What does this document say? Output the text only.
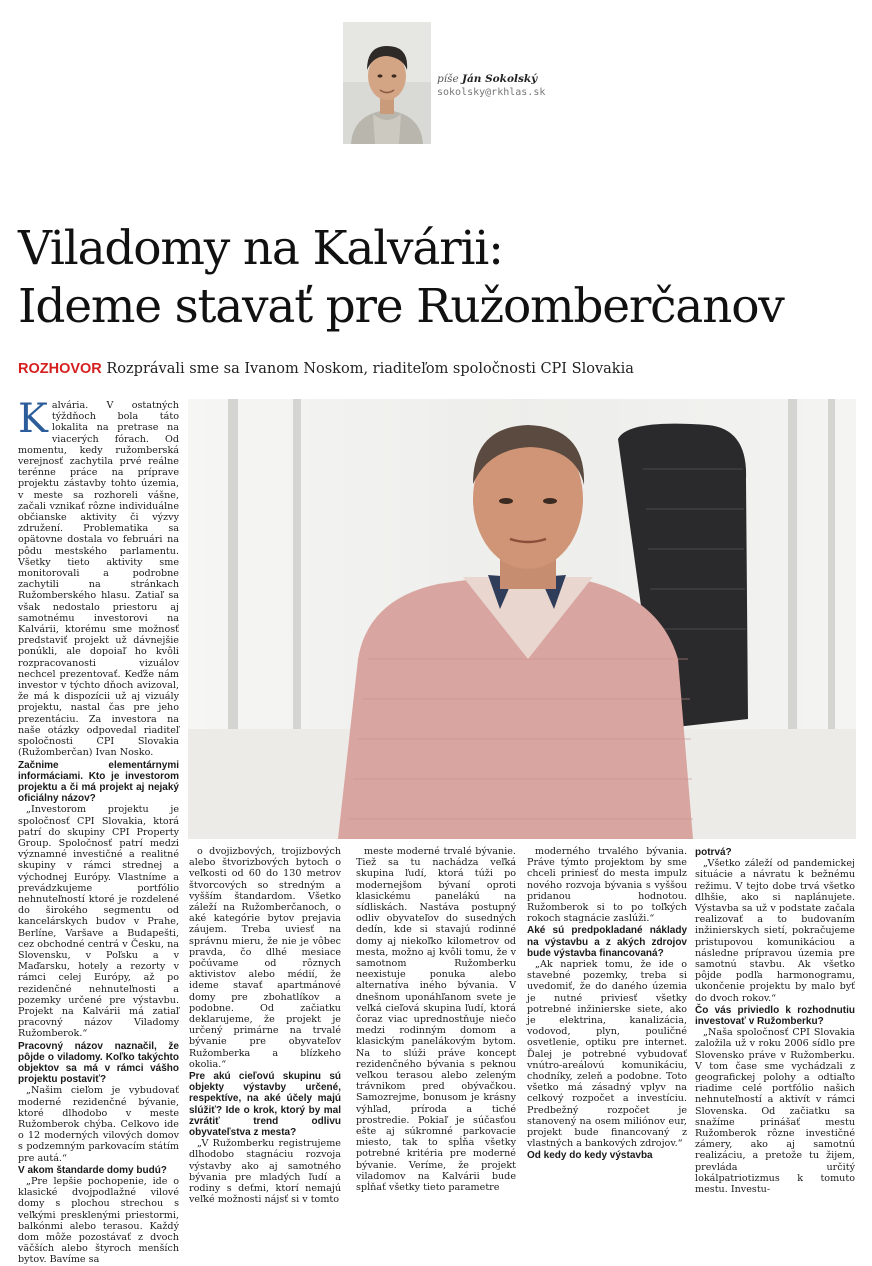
píše Ján Sokolský
sokolsky@rkhlas.sk
Viladomy na Kalvárii:
Ideme stavať pre Ružomberčanov
ROZHOVOR Rozprávali sme sa Ivanom Noskom, riaditeľom spoločnosti CPI Slovakia

Kalvária. V ostatných týždňoch bola táto lokalita na pretrase na viacerých fórach. Od momentu, kedy ružomberská verejnosť zachytila prvé reálne terénne práce na príprave projektu zástavby tohto územia, v meste sa rozhoreli vášne, začali vznikať rôzne individuálne občianske aktivity či výzvy združení. Problematika sa opätovne dostala vo februári na pôdu mestského parlamentu. Všetky tieto aktivity sme monitorovali a podrobne zachytili na stránkach Ružomberského hlasu. Zatiaľ sa však nedostalo priestoru aj samotnému investorovi na Kalvárii, ktorému sme možnosť predstaviť projekt už dávnejšie ponúkli, ale dopoiaľ ho kvôli rozpracovanosti vizuálov nechcel prezentovať. Keďže nám investor v týchto dňoch avizoval, že má k dispozícii už aj vizuály projektu, nastal čas pre jeho prezentáciu. Za investora na naše otázky odpovedal riaditeľ spoločnosti CPI Slovakia (Ružomberčan) Ivan Nosko.

Začnime elementárnymi informáciami. Kto je investorom projektu a či má projekt aj nejaký oficiálny názov?

„Investorom projektu je spoločnosť CPI Slovakia, ktorá patrí do skupiny CPI Property Group. Spoločnosť patrí medzi významné investičné a realitné skupiny v rámci strednej a východnej Európy. Vlastníme a prevádzkujeme portfólio nehnuteľností ktoré je rozdelené do širokého segmentu od kancelárskych budov v Prahe, Berlíne, Varšave a Budapešti, cez obchodné centrá v Česku, na Slovensku, v Poľsku a v Maďarsku, hotely a rezorty v rámci celej Európy, až po rezidenčné nehnuteľnosti a pozemky určené pre výstavbu. Projekt na Kalvárii má zatiaľ pracovný názov Viladomy Ružomberok.“

Pracovný názov naznačil, že pôjde o viladomy. Koľko takýchto objektov sa má v rámci vášho projektu postaviť?

„Našim cieľom je vybudovať moderné rezidenčné bývanie, ktoré dlhodobo v meste Ružomberok chýba. Celkovo ide o 12 moderných vilových domov s podzemným parkovacím státím pre autá.“

V akom štandarde domy budú?

„Pre lepšie pochopenie, ide o klasické dvojpodlažné vilové domy s plochou strechou s veľkými presklenými priestormi, balkónmi alebo terasou. Každý dom môže pozostávať z dvoch väčších alebo štyroch menších bytov. Bavíme sa

o dvojizbových, trojizbových alebo štvorizbových bytoch o veľkosti od 60 do 130 metrov štvorcových so stredným a vyšším štandardom. Všetko záleží na Ružomberčanoch, o aké kategórie bytov prejavia záujem. Treba uviesť na správnu mieru, že nie je vôbec pravda, čo dlhé mesiace počúvame od rôznych aktivistov alebo médií, že ideme stavať apartmánové domy pre zbohatlíkov a podobne. Od začiatku deklarujeme, že projekt je určený primárne na trvalé bývanie pre obyvateľov Ružomberka a blízkeho okolia.“

Pre akú cieľovú skupinu sú objekty výstavby určené, respektíve, na aké účely majú slúžiť? Ide o krok, ktorý by mal zvrátiť trend odlivu obyvateľstva z mesta?

„V Ružomberku registrujeme dlhodobo stagnáciu rozvoja výstavby ako aj samotného bývania pre mladých ľudí a rodiny s deťmi, ktorí nemajú veľké možnosti nájsť si v tomto

meste moderné trvalé bývanie. Tiež sa tu nachádza veľká skupina ľudí, ktorá túži po modernejšom bývaní oproti klasickému panelákú na sídliskách. Nastáva postupný odliv obyvateľov do susedných dedín, kde si stavajú rodinné domy aj niekoľko kilometrov od mesta, možno aj kvôli tomu, že v samotnom Ružomberku neexistuje ponuka alebo alternatíva iného bývania. V dnešnom uponáhľanom svete je veľká cieľová skupina ľudí, ktorá čoraz viac uprednostňuje niečo medzi rodinným domom a klasickým panelákovým bytom. Na to slúži práve koncept rezidenčného bývania s peknou veľkou terasou alebo zeleným trávnikom pred obývačkou. Samozrejme, bonusom je krásny výhľad, príroda a tiché prostredie. Pokiaľ je súčasťou ešte aj súkromné parkovacie miesto, tak to spĺňa všetky potrebné kritéria pre moderné bývanie. Veríme, že projekt viladomov na Kalvárii bude spĺňať všetky tieto parametre

moderného trvalého bývania. Práve týmto projektom by sme chceli priniesť do mesta impulz nového rozvoja bývania s vyššou pridanou hodnotou. Ružomberok si to po toľkých rokoch stagnácie zaslúži.“

Aké sú predpokladané náklady na výstavbu a z akých zdrojov bude výstavba financovaná?

„Ak napriek tomu, že ide o stavebné pozemky, treba si uvedomiť, že do daného územia je nutné priviesť všetky potrebné inžinierske siete, ako je elektrina, kanalizácia, vodovod, plyn, pouličné osvetlenie, optiku pre internet. Ďalej je potrebné vybudovať vnútro-areálovú komunikáciu, chodníky, zeleň a podobne. Toto všetko má zásadný vplyv na celkový rozpočet a investíciu. Predbežný rozpočet je stanovený na osem miliónov eur, projekt bude financovaný z vlastných a bankových zdrojov.“

Od kedy do kedy výstavba

potrvá?

„Všetko záleží od pandemickej situácie a návratu k bežnému režimu. V tejto dobe trvá všetko dlhšie, ako si naplánujete. Výstavba sa už v podstate začala realizovať a to budovaním inžinierskych sietí, pokračujeme pristupovou komunikáciou a následne prípravou územia pre samotnú stavbu. Ak všetko pôjde podľa harmonogramu, ukončenie projektu by malo byť do dvoch rokov.“

Čo vás priviedlo k rozhodnutiu investovať v Ružomberku?

„Naša spoločnosť CPI Slovakia založila už v roku 2006 sídlo pre Slovensko práve v Ružomberku. V tom čase sme vychádzali z geografickej polohy a odtiaľto riadime celé portfólio našich nehnuteľností a aktivít v rámci Slovenska. Od začiatku sa snažíme prinášať mestu Ružomberok rôzne investičné zámery, ako aj samotnú realizáciu, a pretože tu žijem, prevláda určitý lokálpatriotizmus k tomuto mestu. Investu-
